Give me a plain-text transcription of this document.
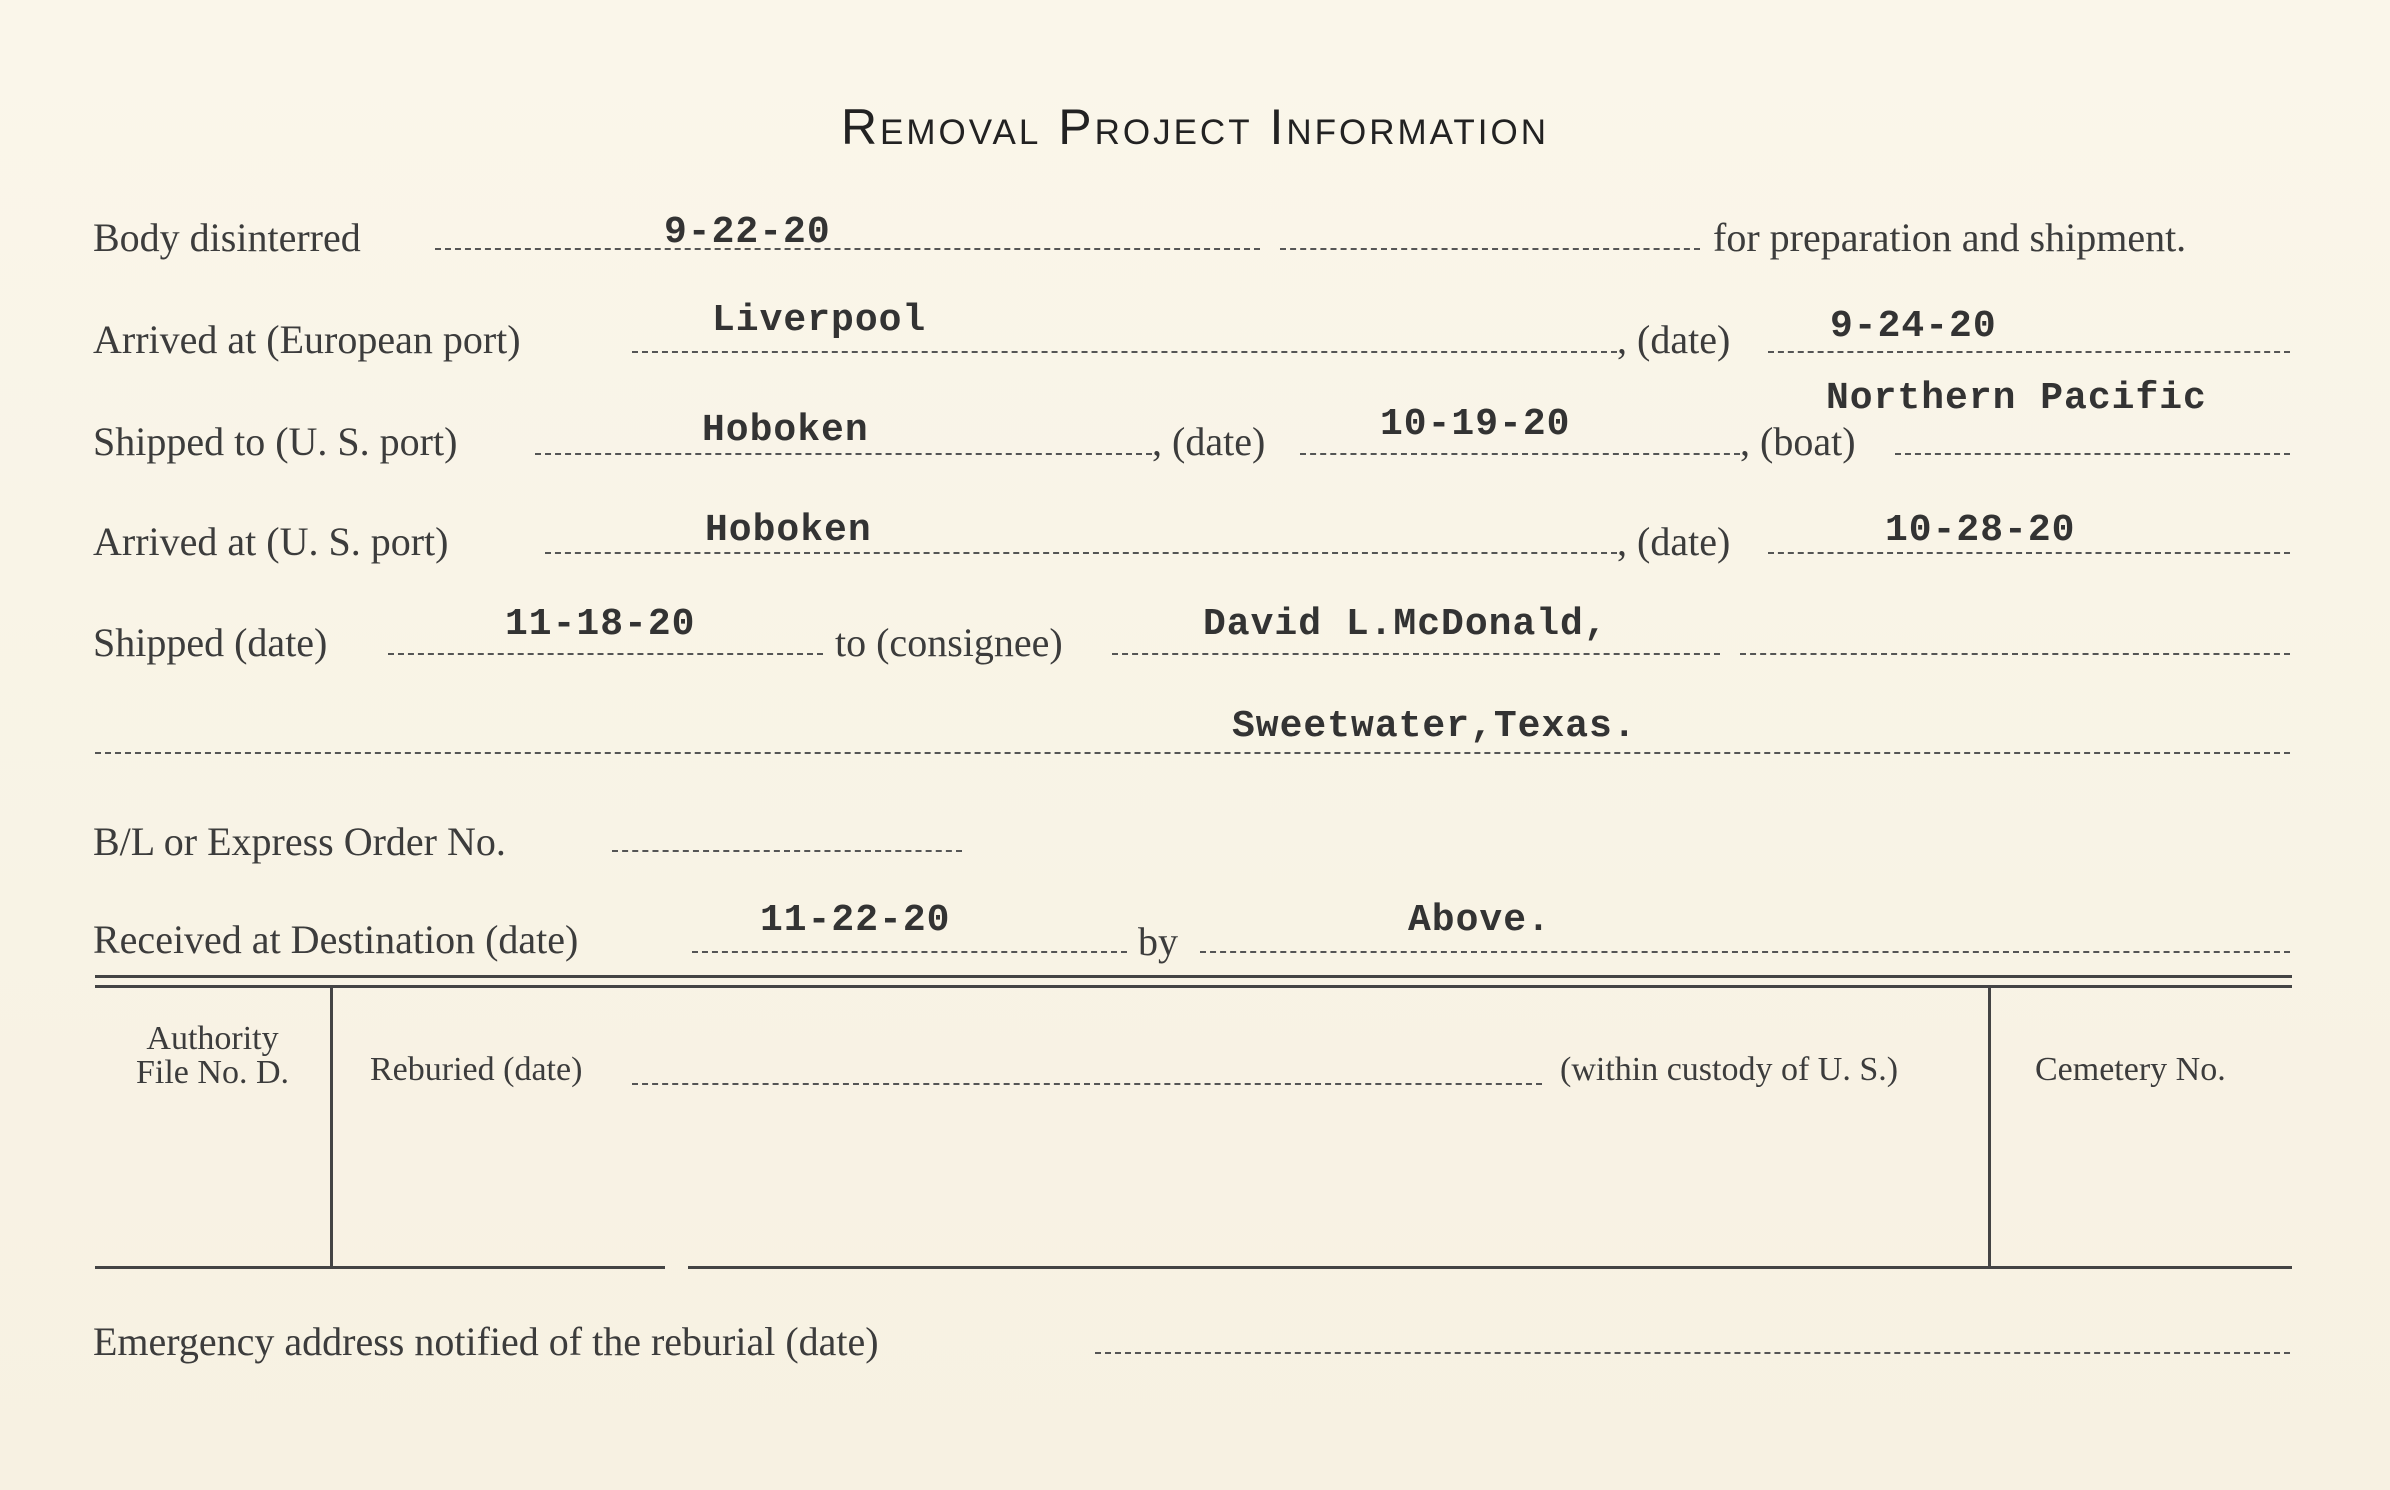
Removal Project Information
Body disinterred	9-22-20	for preparation and shipment.
Arrived at (European port)	Liverpool	, (date)	9-24-20
Shipped to (U. S. port)	Hoboken	, (date)	10-19-20	, (boat)
Northern Pacific
Arrived at (U. S. port)	Hoboken	, (date)	10-28-20
Shipped (date)	11-18-20	to (consignee)	David L.McDonald,
Sweetwater,Texas.
B/L or Express Order No.
Received at Destination (date)	11-22-20	by	Above.
Authority
File No. D.	Reburied (date)	(within custody of U. S.)	Cemetery No.
Emergency address notified of the reburial (date)
